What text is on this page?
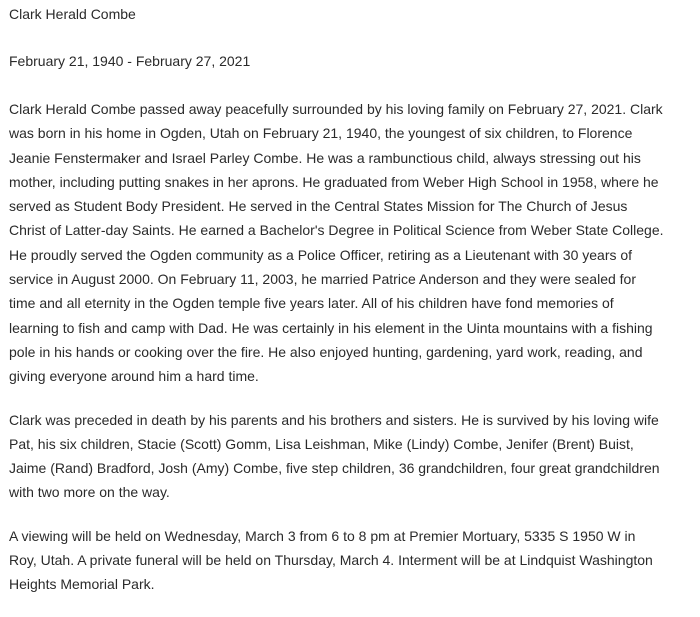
Clark Herald Combe
February 21, 1940 - February 27, 2021

Clark Herald Combe passed away peacefully surrounded by his loving family on February 27, 2021. Clark
was born in his home in Ogden, Utah on February 21, 1940, the youngest of six children, to Florence
Jeanie Fenstermaker and Israel Parley Combe. He was a rambunctious child, always stressing out his
mother, including putting snakes in her aprons. He graduated from Weber High School in 1958, where he
served as Student Body President. He served in the Central States Mission for The Church of Jesus
Christ of Latter-day Saints. He earned a Bachelor's Degree in Political Science from Weber State College.
He proudly served the Ogden community as a Police Officer, retiring as a Lieutenant with 30 years of
service in August 2000. On February 11, 2003, he married Patrice Anderson and they were sealed for
time and all eternity in the Ogden temple five years later. All of his children have fond memories of
learning to fish and camp with Dad. He was certainly in his element in the Uinta mountains with a fishing
pole in his hands or cooking over the fire. He also enjoyed hunting, gardening, yard work, reading, and
giving everyone around him a hard time.

Clark was preceded in death by his parents and his brothers and sisters. He is survived by his loving wife
Pat, his six children, Stacie (Scott) Gomm, Lisa Leishman, Mike (Lindy) Combe, Jenifer (Brent) Buist,
Jaime (Rand) Bradford, Josh (Amy) Combe, five step children, 36 grandchildren, four great grandchildren
with two more on the way.

A viewing will be held on Wednesday, March 3 from 6 to 8 pm at Premier Mortuary, 5335 S 1950 W in
Roy, Utah. A private funeral will be held on Thursday, March 4. Interment will be at Lindquist Washington
Heights Memorial Park.
